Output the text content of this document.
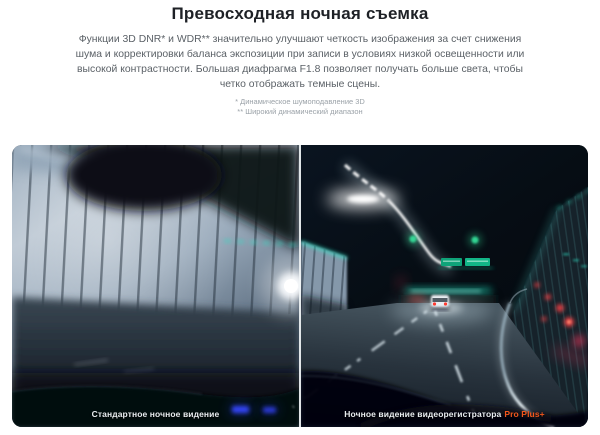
Превосходная ночная съемка

Функции 3D DNR* и WDR** значительно улучшают четкость изображения за счет снижения шума и корректировки баланса экспозиции при записи в условиях низкой освещенности или высокой контрастности. Большая диафрагма F1.8 позволяет получать больше света, чтобы четко отображать темные сцены.

* Динамическое шумоподавление 3D
** Широкий динамический диапазон
Стандартное ночное видение	Ночное видение видеорегистратора Pro Plus+
